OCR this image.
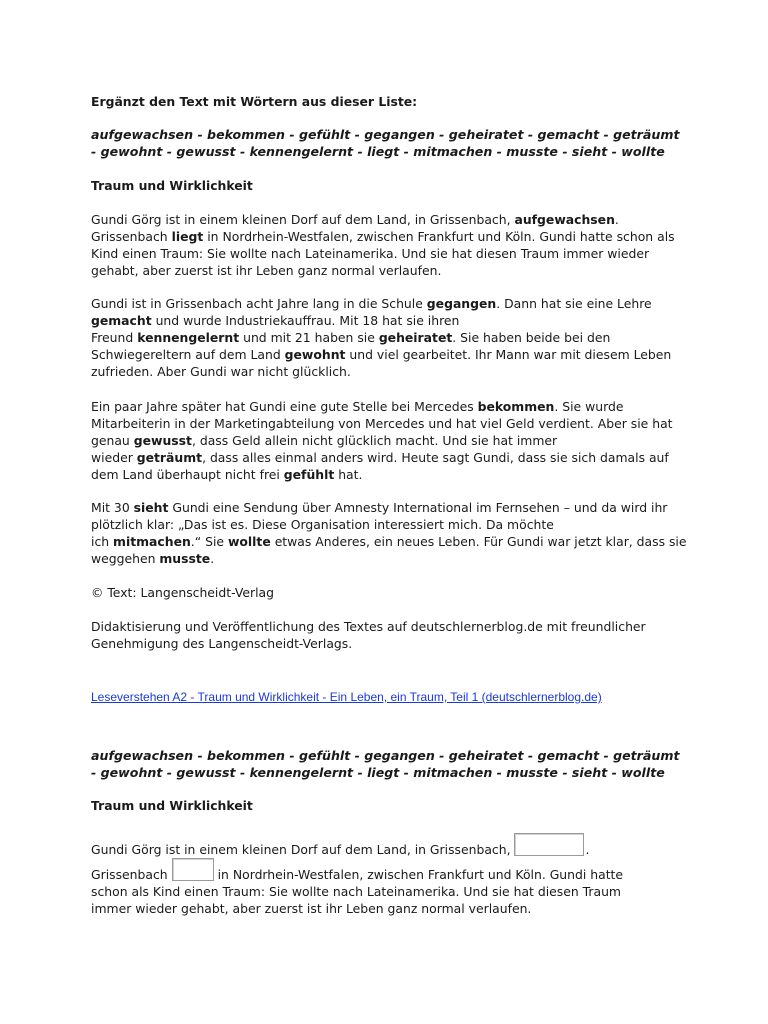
Ergänzt den Text mit Wörtern aus dieser Liste:

aufgewachsen - bekommen - gefühlt - gegangen - geheiratet - gemacht - geträumt
- gewohnt - gewusst - kennengelernt - liegt - mitmachen - musste - sieht - wollte

Traum und Wirklichkeit

Gundi Görg ist in einem kleinen Dorf auf dem Land, in Grissenbach, aufgewachsen. Grissenbach liegt in Nordrhein-Westfalen, zwischen Frankfurt und Köln. Gundi hatte schon als Kind einen Traum: Sie wollte nach Lateinamerika. Und sie hat diesen Traum immer wieder gehabt, aber zuerst ist ihr Leben ganz normal verlaufen.

Gundi ist in Grissenbach acht Jahre lang in die Schule gegangen. Dann hat sie eine Lehre gemacht und wurde Industriekauffrau. Mit 18 hat sie ihren
Freund kennengelernt und mit 21 haben sie geheiratet. Sie haben beide bei den Schwiegereltern auf dem Land gewohnt und viel gearbeitet. Ihr Mann war mit diesem Leben zufrieden. Aber Gundi war nicht glücklich.

Ein paar Jahre später hat Gundi eine gute Stelle bei Mercedes bekommen. Sie wurde Mitarbeiterin in der Marketingabteilung von Mercedes und hat viel Geld verdient. Aber sie hat genau gewusst, dass Geld allein nicht glücklich macht. Und sie hat immer
wieder geträumt, dass alles einmal anders wird. Heute sagt Gundi, dass sie sich damals auf dem Land überhaupt nicht frei gefühlt hat.

Mit 30 sieht Gundi eine Sendung über Amnesty International im Fernsehen – und da wird ihr plötzlich klar: „Das ist es. Diese Organisation interessiert mich. Da möchte
ich mitmachen.“ Sie wollte etwas Anderes, ein neues Leben. Für Gundi war jetzt klar, dass sie weggehen musste.

© Text: Langenscheidt-Verlag

Didaktisierung und Veröffentlichung des Textes auf deutschlernerblog.de mit freundlicher Genehmigung des Langenscheidt-Verlags.

Leseverstehen A2 - Traum und Wirklichkeit - Ein Leben, ein Traum, Teil 1 (deutschlernerblog.de)

aufgewachsen - bekommen - gefühlt - gegangen - geheiratet - gemacht - geträumt
- gewohnt - gewusst - kennengelernt - liegt - mitmachen - musste - sieht - wollte

Traum und Wirklichkeit

Gundi Görg ist in einem kleinen Dorf auf dem Land, in Grissenbach,	.
Grissenbach	in Nordrhein-Westfalen, zwischen Frankfurt und Köln. Gundi hatte
schon als Kind einen Traum: Sie wollte nach Lateinamerika. Und sie hat diesen Traum
immer wieder gehabt, aber zuerst ist ihr Leben ganz normal verlaufen.
